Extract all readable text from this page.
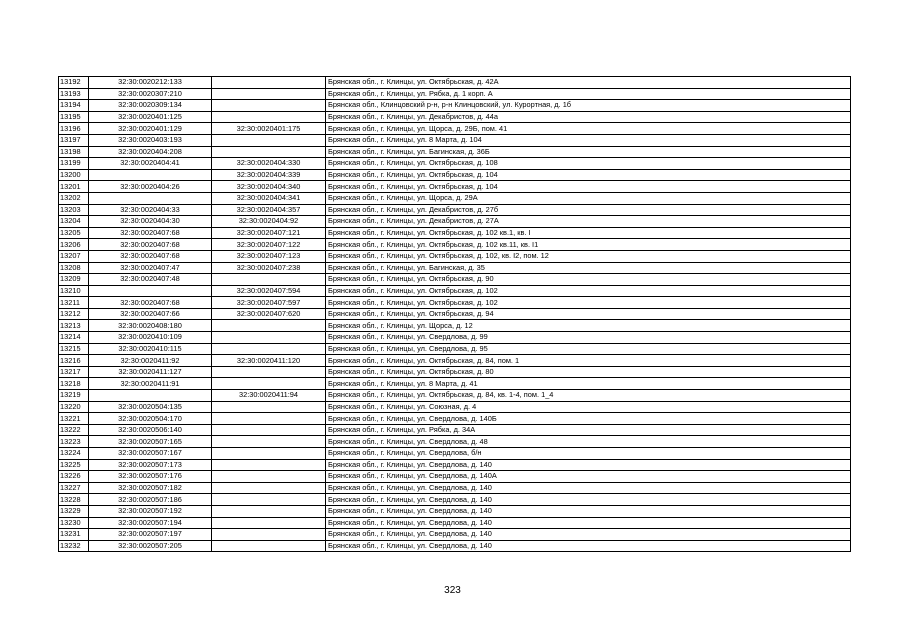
13192	32:30:0020212:133		Брянская обл., г. Клинцы, ул. Октябрьская, д. 42А
13193	32:30:0020307:210		Брянская обл., г. Клинцы, ул. Рябка, д. 1 корп. А
13194	32:30:0020309:134		Брянская обл., Клинцовский р-н, р-н Клинцовский, ул. Курортная, д. 1б
13195	32:30:0020401:125		Брянская обл., г. Клинцы, ул. Декабристов, д. 44а
13196	32:30:0020401:129	32:30:0020401:175	Брянская обл., г. Клинцы, ул. Щорса, д. 29Б, пом. 41
13197	32:30:0020403:193		Брянская обл., г. Клинцы, ул. 8 Марта, д. 104
13198	32:30:0020404:208		Брянская обл., г. Клинцы, ул. Багинская, д. 36Б
13199	32:30:0020404:41	32:30:0020404:330	Брянская обл., г. Клинцы, ул. Октябрьская, д. 108
13200		32:30:0020404:339	Брянская обл., г. Клинцы, ул. Октябрьская, д. 104
13201	32:30:0020404:26	32:30:0020404:340	Брянская обл., г. Клинцы, ул. Октябрьская, д. 104
13202		32:30:0020404:341	Брянская обл., г. Клинцы, ул. Щорса, д. 29А
13203	32:30:0020404:33	32:30:0020404:357	Брянская обл., г. Клинцы, ул. Декабристов, д. 27б
13204	32:30:0020404:30	32:30:0020404:92	Брянская обл., г. Клинцы, ул. Декабристов, д. 27А
13205	32:30:0020407:68	32:30:0020407:121	Брянская обл., г. Клинцы, ул. Октябрьская, д. 102 кв.1, кв. I
13206	32:30:0020407:68	32:30:0020407:122	Брянская обл., г. Клинцы, ул. Октябрьская, д. 102 кв.11, кв. I1
13207	32:30:0020407:68	32:30:0020407:123	Брянская обл., г. Клинцы, ул. Октябрьская, д. 102, кв. I2, пом. 12
13208	32:30:0020407:47	32:30:0020407:238	Брянская обл., г. Клинцы, ул. Багинская, д. 35
13209	32:30:0020407:48		Брянская обл., г. Клинцы, ул. Октябрьская, д. 90
13210		32:30:0020407:594	Брянская обл., г. Клинцы, ул. Октябрьская, д. 102
13211	32:30:0020407:68	32:30:0020407:597	Брянская обл., г. Клинцы, ул. Октябрьская, д. 102
13212	32:30:0020407:66	32:30:0020407:620	Брянская обл., г. Клинцы, ул. Октябрьская, д. 94
13213	32:30:0020408:180		Брянская обл., г. Клинцы, ул. Щорса, д. 12
13214	32:30:0020410:109		Брянская обл., г. Клинцы, ул. Свердлова, д. 99
13215	32:30:0020410:115		Брянская обл., г. Клинцы, ул. Свердлова, д. 95
13216	32:30:0020411:92	32:30:0020411:120	Брянская обл., г. Клинцы, ул. Октябрьская, д. 84, пом. 1
13217	32:30:0020411:127		Брянская обл., г. Клинцы, ул. Октябрьская, д. 80
13218	32:30:0020411:91		Брянская обл., г. Клинцы, ул. 8 Марта, д. 41
13219		32:30:0020411:94	Брянская обл., г. Клинцы, ул. Октябрьская, д. 84, кв. 1-4, пом. 1_4
13220	32:30:0020504:135		Брянская обл., г. Клинцы, ул. Союзная, д. 4
13221	32:30:0020504:170		Брянская обл., г. Клинцы, ул. Свердлова, д. 140Б
13222	32:30:0020506:140		Брянская обл., г. Клинцы, ул. Рябка, д. 34А
13223	32:30:0020507:165		Брянская обл., г. Клинцы, ул. Свердлова, д. 48
13224	32:30:0020507:167		Брянская обл., г. Клинцы, ул. Свердлова, б/н
13225	32:30:0020507:173		Брянская обл., г. Клинцы, ул. Свердлова, д. 140
13226	32:30:0020507:176		Брянская обл., г. Клинцы, ул. Свердлова, д. 140А
13227	32:30:0020507:182		Брянская обл., г. Клинцы, ул. Свердлова, д. 140
13228	32:30:0020507:186		Брянская обл., г. Клинцы, ул. Свердлова, д. 140
13229	32:30:0020507:192		Брянская обл., г. Клинцы, ул. Свердлова, д. 140
13230	32:30:0020507:194		Брянская обл., г. Клинцы, ул. Свердлова, д. 140
13231	32:30:0020507:197		Брянская обл., г. Клинцы, ул. Свердлова, д. 140
13232	32:30:0020507:205		Брянская обл., г. Клинцы, ул. Свердлова, д. 140
323
